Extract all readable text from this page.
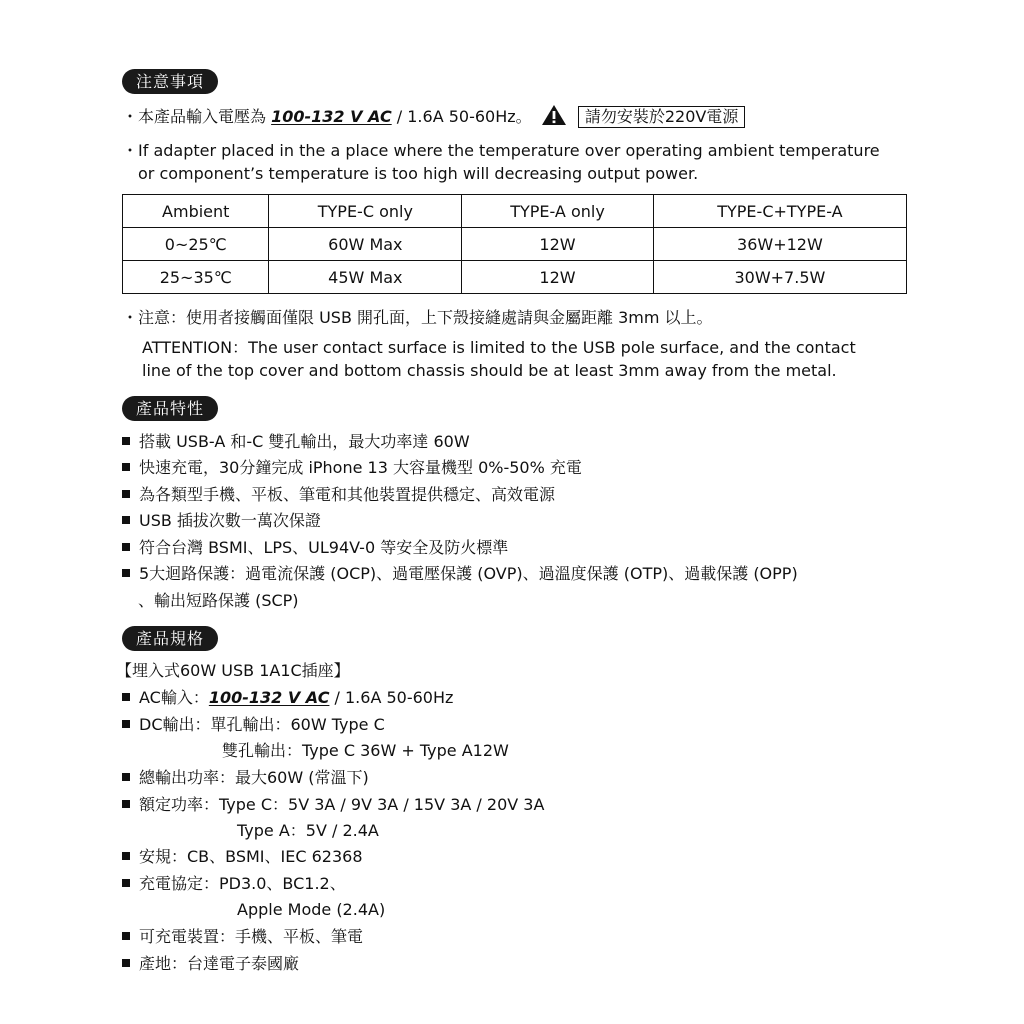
注意事項
・本產品輸入電壓為 100-132 V AC / 1.6A 50-60Hz。	請勿安裝於220V電源
・If adapter placed in the a place where the temperature over operating ambient temperature
or component’s temperature is too high will decreasing output power.
Ambient	TYPE-C only	TYPE-A only	TYPE-C+TYPE-A
0~25℃	60W Max	12W	36W+12W
25~35℃	45W Max	12W	30W+7.5W
・注意：使用者接觸面僅限 USB 開孔面，上下殼接縫處請與金屬距離 3mm 以上。
ATTENTION：The user contact surface is limited to the USB pole surface, and the contact
line of the top cover and bottom chassis should be at least 3mm away from the metal.
產品特性
搭載 USB-A 和-C 雙孔輸出，最大功率達 60W
快速充電，30分鐘完成 iPhone 13 大容量機型 0%-50% 充電
為各類型手機、平板、筆電和其他裝置提供穩定、高效電源
USB 插拔次數一萬次保證
符合台灣 BSMI、LPS、UL94V-0 等安全及防火標準
5大迴路保護：過電流保護 (OCP)、過電壓保護 (OVP)、過溫度保護 (OTP)、過載保護 (OPP)
、輸出短路保護 (SCP)
產品規格
【埋入式60W USB 1A1C插座】
AC輸入：100-132 V AC / 1.6A 50-60Hz
DC輸出：單孔輸出：60W Type C
雙孔輸出：Type C 36W + Type A12W
總輸出功率：最大60W (常溫下)
額定功率：Type C：5V 3A / 9V 3A / 15V 3A / 20V 3A
Type A：5V / 2.4A
安規：CB、BSMI、IEC 62368
充電協定：PD3.0、BC1.2、
Apple Mode (2.4A)
可充電裝置：手機、平板、筆電
產地：台達電子泰國廠
